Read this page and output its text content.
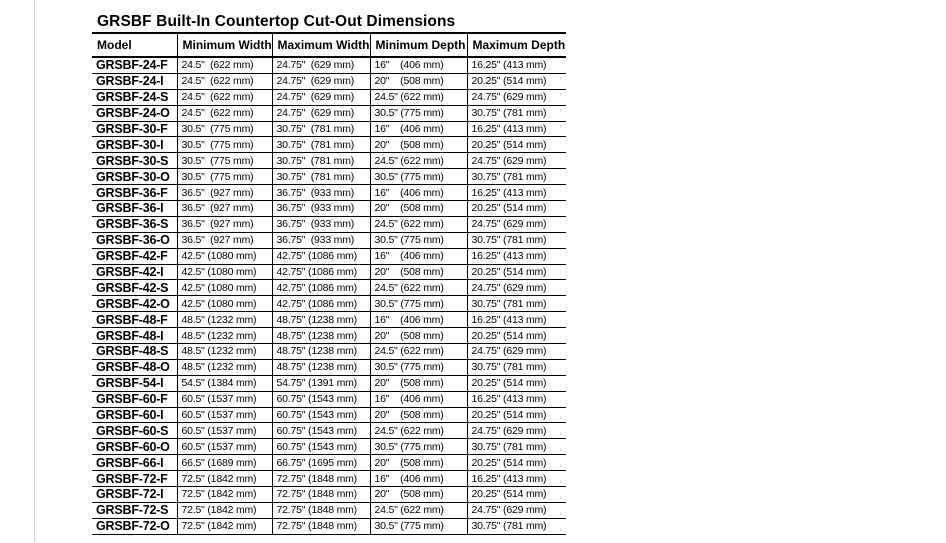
GRSBF Built-In Countertop Cut-Out Dimensions
Model	Minimum Width	Maximum Width	Minimum Depth	Maximum Depth
GRSBF-24-F	24.5"  (622 mm)	24.75"  (629 mm)	16"    (406 mm)	16.25" (413 mm)
GRSBF-24-I	24.5"  (622 mm)	24.75"  (629 mm)	20"    (508 mm)	20.25" (514 mm)
GRSBF-24-S	24.5"  (622 mm)	24.75"  (629 mm)	24.5" (622 mm)	24.75" (629 mm)
GRSBF-24-O	24.5"  (622 mm)	24.75"  (629 mm)	30.5" (775 mm)	30.75" (781 mm)
GRSBF-30-F	30.5"  (775 mm)	30.75"  (781 mm)	16"    (406 mm)	16.25" (413 mm)
GRSBF-30-I	30.5"  (775 mm)	30.75"  (781 mm)	20"    (508 mm)	20.25" (514 mm)
GRSBF-30-S	30.5"  (775 mm)	30.75"  (781 mm)	24.5" (622 mm)	24.75" (629 mm)
GRSBF-30-O	30.5"  (775 mm)	30.75"  (781 mm)	30.5" (775 mm)	30.75" (781 mm)
GRSBF-36-F	36.5"  (927 mm)	36.75"  (933 mm)	16"    (406 mm)	16.25" (413 mm)
GRSBF-36-I	36.5"  (927 mm)	36.75"  (933 mm)	20"    (508 mm)	20.25" (514 mm)
GRSBF-36-S	36.5"  (927 mm)	36.75"  (933 mm)	24.5" (622 mm)	24.75" (629 mm)
GRSBF-36-O	36.5"  (927 mm)	36.75"  (933 mm)	30.5" (775 mm)	30.75" (781 mm)
GRSBF-42-F	42.5" (1080 mm)	42.75" (1086 mm)	16"    (406 mm)	16.25" (413 mm)
GRSBF-42-I	42.5" (1080 mm)	42.75" (1086 mm)	20"    (508 mm)	20.25" (514 mm)
GRSBF-42-S	42.5" (1080 mm)	42.75" (1086 mm)	24.5" (622 mm)	24.75" (629 mm)
GRSBF-42-O	42.5" (1080 mm)	42.75" (1086 mm)	30.5" (775 mm)	30.75" (781 mm)
GRSBF-48-F	48.5" (1232 mm)	48.75" (1238 mm)	16"    (406 mm)	16.25" (413 mm)
GRSBF-48-I	48.5" (1232 mm)	48.75" (1238 mm)	20"    (508 mm)	20.25" (514 mm)
GRSBF-48-S	48.5" (1232 mm)	48.75" (1238 mm)	24.5" (622 mm)	24.75" (629 mm)
GRSBF-48-O	48.5" (1232 mm)	48.75" (1238 mm)	30.5" (775 mm)	30.75" (781 mm)
GRSBF-54-I	54.5" (1384 mm)	54.75" (1391 mm)	20"    (508 mm)	20.25" (514 mm)
GRSBF-60-F	60.5" (1537 mm)	60.75" (1543 mm)	16"    (406 mm)	16.25" (413 mm)
GRSBF-60-I	60.5" (1537 mm)	60.75" (1543 mm)	20"    (508 mm)	20.25" (514 mm)
GRSBF-60-S	60.5" (1537 mm)	60.75" (1543 mm)	24.5" (622 mm)	24.75" (629 mm)
GRSBF-60-O	60.5" (1537 mm)	60.75" (1543 mm)	30.5" (775 mm)	30.75" (781 mm)
GRSBF-66-I	66.5" (1689 mm)	66.75" (1695 mm)	20"    (508 mm)	20.25" (514 mm)
GRSBF-72-F	72.5" (1842 mm)	72.75" (1848 mm)	16"    (406 mm)	16.25" (413 mm)
GRSBF-72-I	72.5" (1842 mm)	72.75" (1848 mm)	20"    (508 mm)	20.25" (514 mm)
GRSBF-72-S	72.5" (1842 mm)	72.75" (1848 mm)	24.5" (622 mm)	24.75" (629 mm)
GRSBF-72-O	72.5" (1842 mm)	72.75" (1848 mm)	30.5" (775 mm)	30.75" (781 mm)
